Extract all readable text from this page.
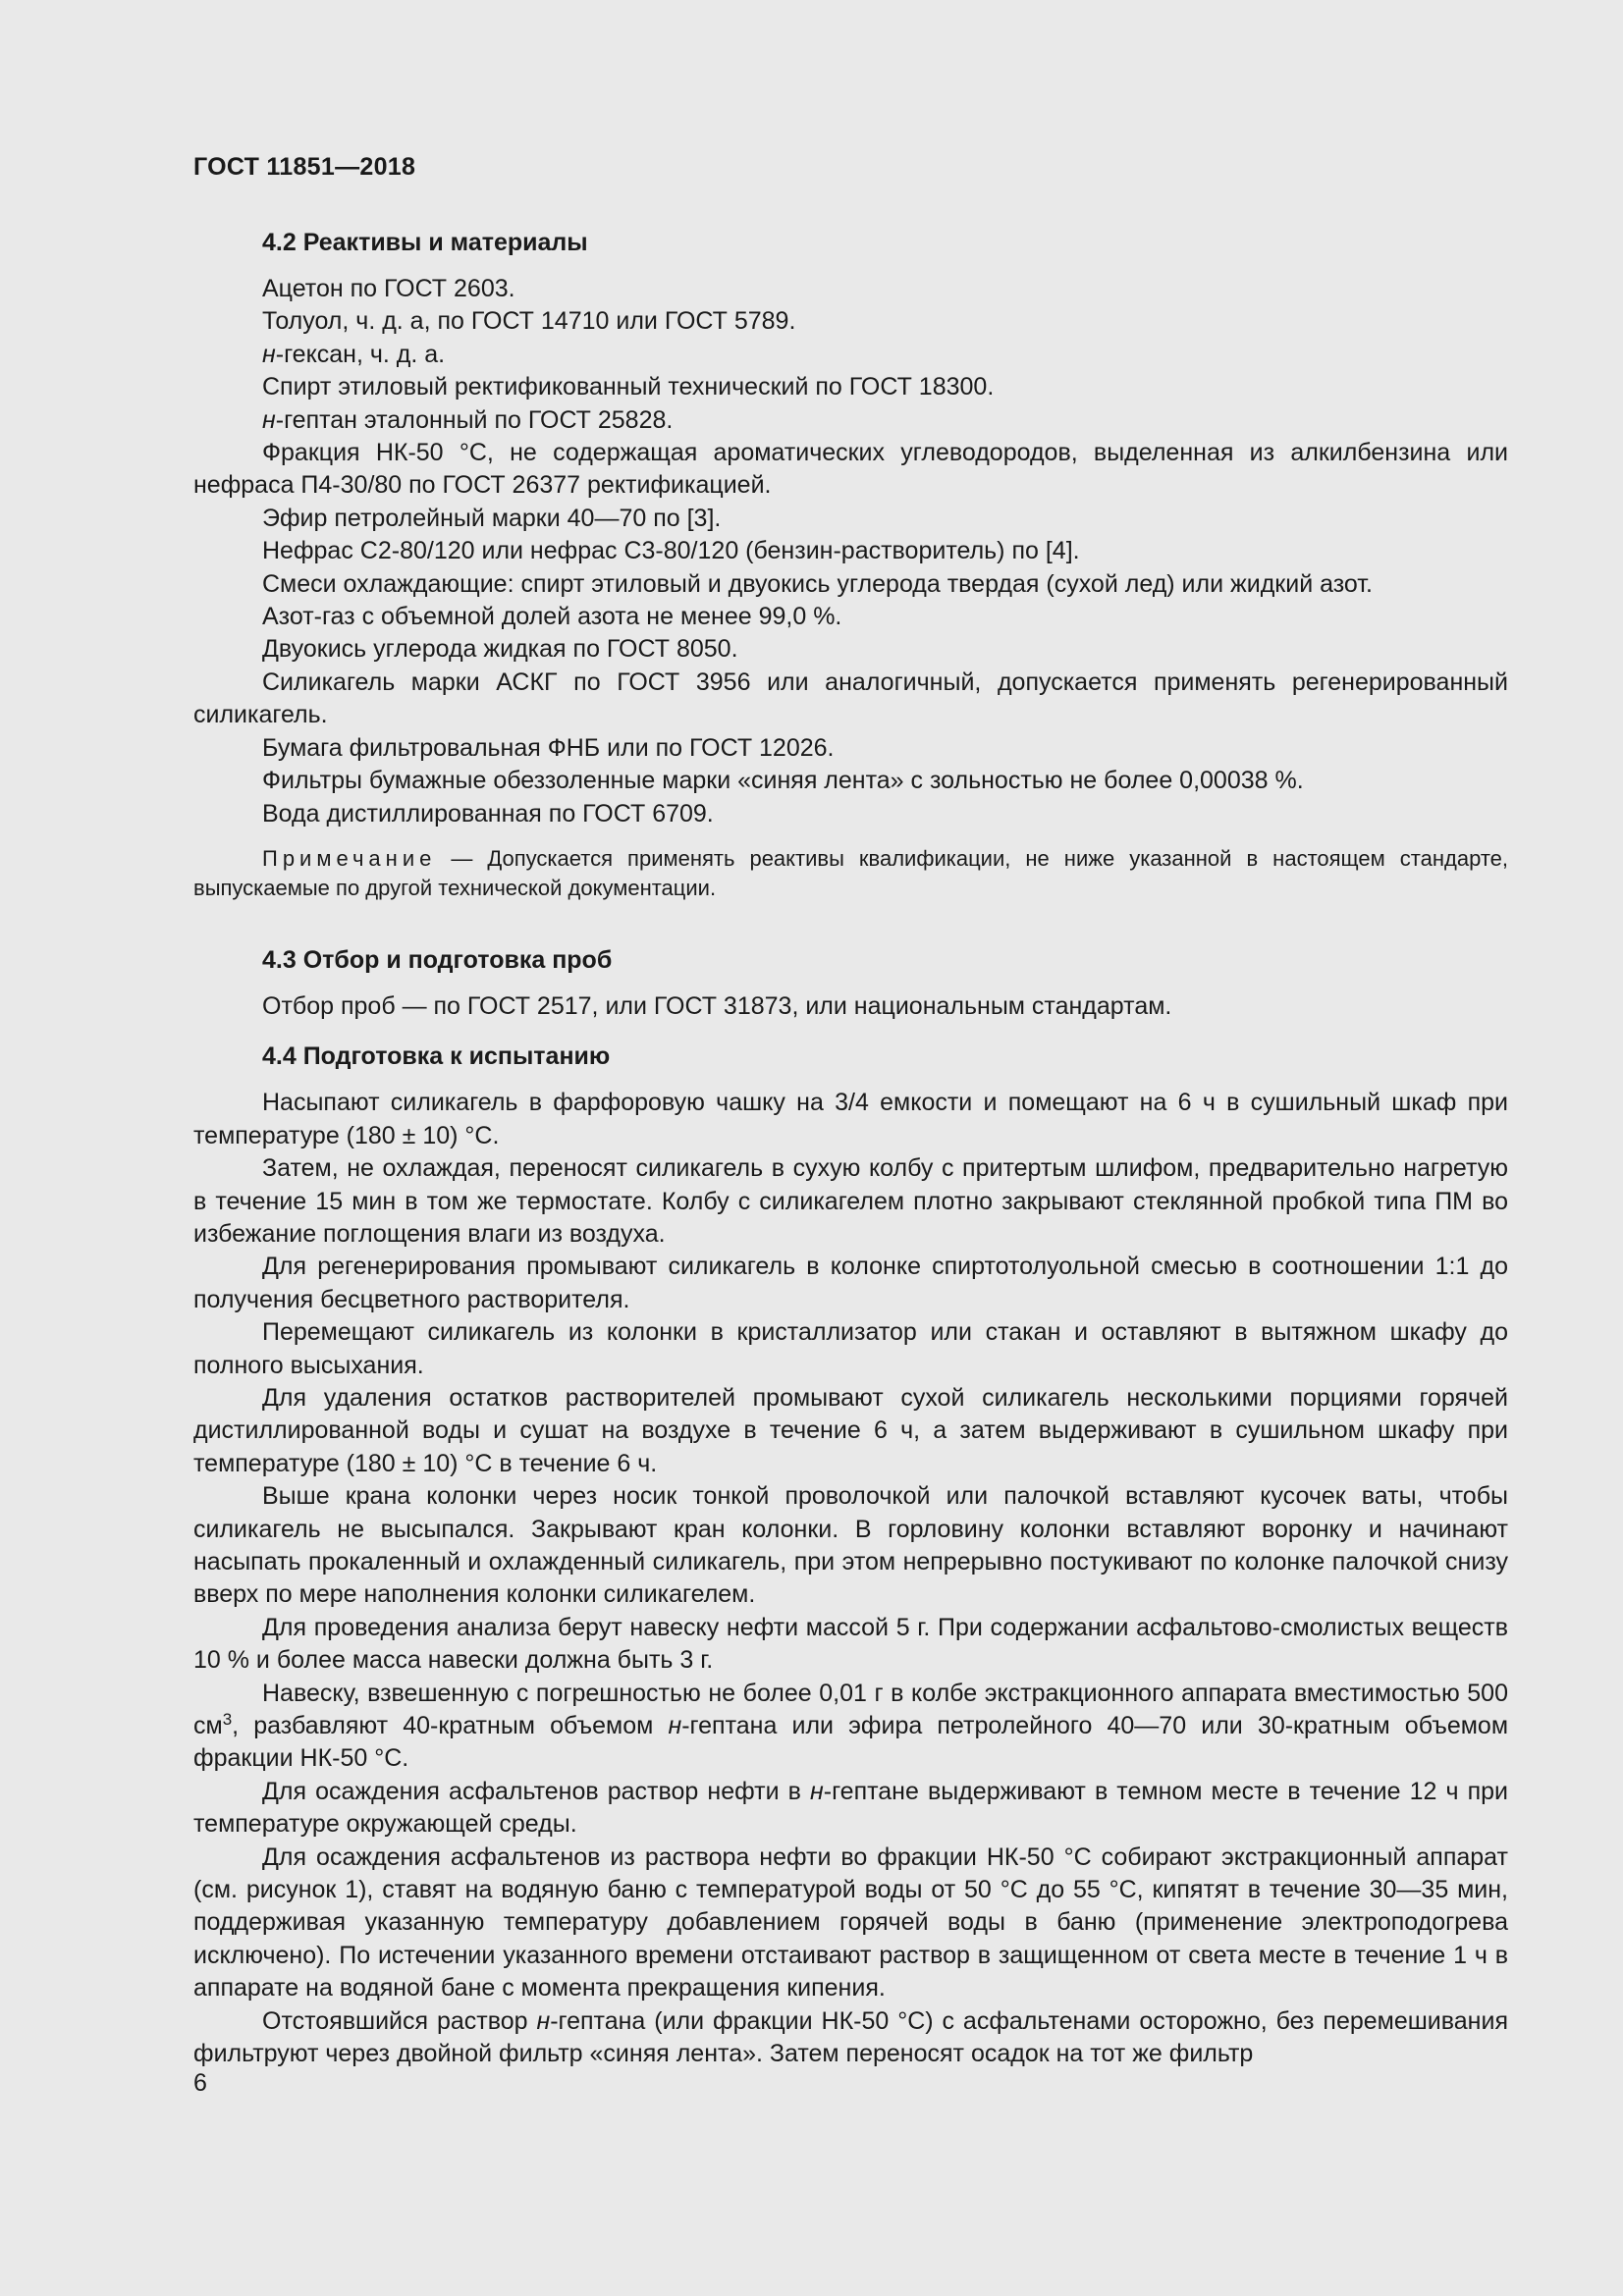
ГОСТ 11851—2018
4.2 Реактивы и материалы

Ацетон по ГОСТ 2603.

Толуол, ч. д. а, по ГОСТ 14710 или ГОСТ 5789.

н-гексан, ч. д. а.

Спирт этиловый ректификованный технический по ГОСТ 18300.

н-гептан эталонный по ГОСТ 25828.

Фракция НК-50 °С, не содержащая ароматических углеводородов, выделенная из алкилбензина или нефраса П4-30/80 по ГОСТ 26377 ректификацией.

Эфир петролейный марки 40—70 по [3].

Нефрас С2-80/120 или нефрас С3-80/120 (бензин-растворитель) по [4].

Смеси охлаждающие: спирт этиловый и двуокись углерода твердая (сухой лед) или жидкий азот.

Азот-газ с объемной долей азота не менее 99,0 %.

Двуокись углерода жидкая по ГОСТ 8050.

Силикагель марки АСКГ по ГОСТ 3956 или аналогичный, допускается применять регенерированный силикагель.

Бумага фильтровальная ФНБ или по ГОСТ 12026.

Фильтры бумажные обеззоленные марки «синяя лента» с зольностью не более 0,00038 %.

Вода дистиллированная по ГОСТ 6709.

Примечание — Допускается применять реактивы квалификации, не ниже указанной в настоящем стандарте, выпускаемые по другой технической документации.

4.3 Отбор и подготовка проб

Отбор проб — по ГОСТ 2517, или ГОСТ 31873, или национальным стандартам.

4.4 Подготовка к испытанию

Насыпают силикагель в фарфоровую чашку на 3/4 емкости и помещают на 6 ч в сушильный шкаф при температуре (180 ± 10) °С.

Затем, не охлаждая, переносят силикагель в сухую колбу с притертым шлифом, предварительно нагретую в течение 15 мин в том же термостате. Колбу с силикагелем плотно закрывают стеклянной пробкой типа ПМ во избежание поглощения влаги из воздуха.

Для регенерирования промывают силикагель в колонке спиртотолуольной смесью в соотношении 1:1 до получения бесцветного растворителя.

Перемещают силикагель из колонки в кристаллизатор или стакан и оставляют в вытяжном шкафу до полного высыхания.

Для удаления остатков растворителей промывают сухой силикагель несколькими порциями горячей дистиллированной воды и сушат на воздухе в течение 6 ч, а затем выдерживают в сушильном шкафу при температуре (180 ± 10) °С в течение 6 ч.

Выше крана колонки через носик тонкой проволочкой или палочкой вставляют кусочек ваты, чтобы силикагель не высыпался. Закрывают кран колонки. В горловину колонки вставляют воронку и начинают насыпать прокаленный и охлажденный силикагель, при этом непрерывно постукивают по колонке палочкой снизу вверх по мере наполнения колонки силикагелем.

Для проведения анализа берут навеску нефти массой 5 г. При содержании асфальтово-смолистых веществ 10 % и более масса навески должна быть 3 г.

Навеску, взвешенную с погрешностью не более 0,01 г в колбе экстракционного аппарата вместимостью 500 $см^3$, разбавляют 40-кратным объемом н-гептана или эфира петролейного 40—70 или 30-кратным объемом фракции НК-50 °С.

Для осаждения асфальтенов раствор нефти в н-гептане выдерживают в темном месте в течение 12 ч при температуре окружающей среды.

Для осаждения асфальтенов из раствора нефти во фракции НК-50 °С собирают экстракционный аппарат (см. рисунок 1), ставят на водяную баню с температурой воды от 50 °С до 55 °С, кипятят в течение 30—35 мин, поддерживая указанную температуру добавлением горячей воды в баню (применение электроподогрева исключено). По истечении указанного времени отстаивают раствор в защищенном от света месте в течение 1 ч в аппарате на водяной бане с момента прекращения кипения.

Отстоявшийся раствор н-гептана (или фракции НК-50 °С) с асфальтенами осторожно, без перемешивания фильтруют через двойной фильтр «синяя лента». Затем переносят осадок на тот же фильтр

6
